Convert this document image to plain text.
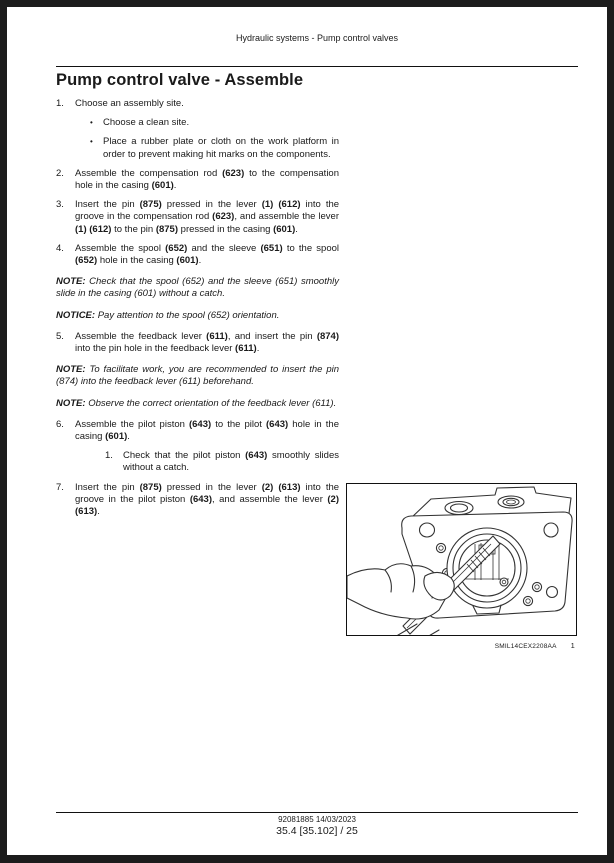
Hydraulic systems - Pump control valves
Pump control valve - Assemble
1.	Choose an assembly site.
•	Choose a clean site.
•	Place a rubber plate or cloth on the work platform in order to prevent making hit marks on the components.
2.	Assemble the compensation rod (623) to the compensation hole in the casing (601).
3.	Insert the pin (875) pressed in the lever (1) (612) into the groove in the compensation rod (623), and assemble the lever (1) (612) to the pin (875) pressed in the casing (601).
4.	Assemble the spool (652) and the sleeve (651) to the spool (652) hole in the casing (601).

NOTE: Check that the spool (652) and the sleeve (651) smoothly slide in the casing (601) without a catch.

NOTICE: Pay attention to the spool (652) orientation.

5.	Assemble the feedback lever (611), and insert the pin (874) into the pin hole in the feedback lever (611).

NOTE: To facilitate work, you are recommended to insert the pin (874) into the feedback lever (611) beforehand.

NOTE: Observe the correct orientation of the feedback lever (611).

6.	Assemble the pilot piston (643) to the pilot (643) hole in the casing (601).
1.	Check that the pilot piston (643) smoothly slides without a catch.
7.	Insert the pin (875) pressed in the lever (2) (613) into the groove in the pilot piston (643), and assemble the lever (2) (613).
SMIL14CEX2208AA 1
92081885 14/03/2023
35.4 [35.102] / 25
